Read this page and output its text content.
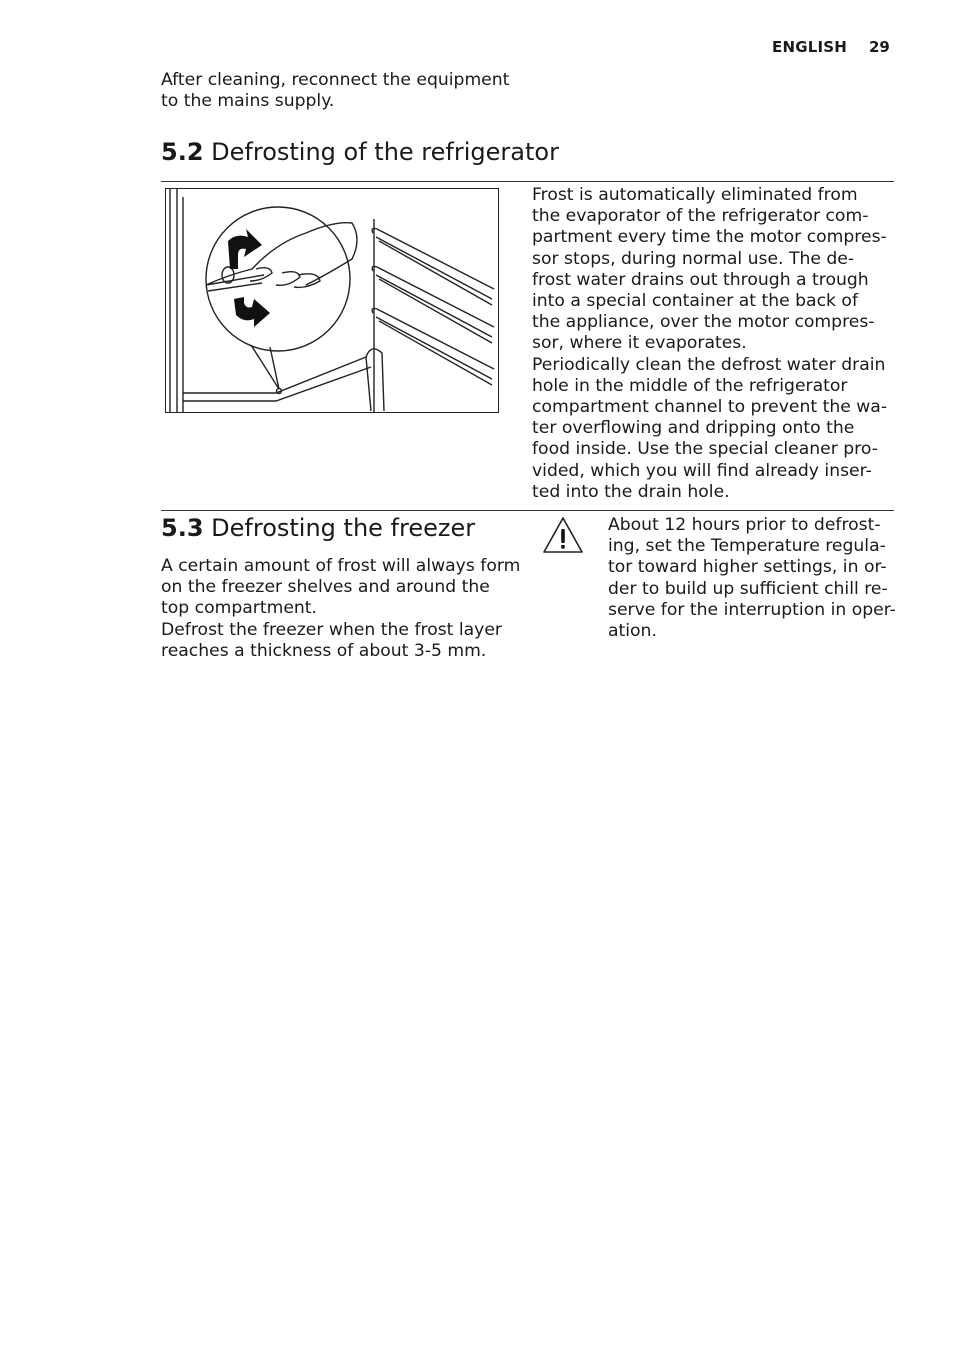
ENGLISH 29

After cleaning, reconnect the equipment
to the mains supply.

5.2 Defrosting of the refrigerator

Frost is automatically eliminated from
the evaporator of the refrigerator com-
partment every time the motor compres-
sor stops, during normal use. The de-
frost water drains out through a trough
into a special container at the back of
the appliance, over the motor compres-
sor, where it evaporates.
Periodically clean the defrost water drain
hole in the middle of the refrigerator
compartment channel to prevent the wa-
ter overflowing and dripping onto the
food inside. Use the special cleaner pro-
vided, which you will find already inser-
ted into the drain hole.

5.3 Defrosting the freezer

A certain amount of frost will always form
on the freezer shelves and around the
top compartment.
Defrost the freezer when the frost layer
reaches a thickness of about 3-5 mm.

About 12 hours prior to defrost-
ing, set the Temperature regula-
tor toward higher settings, in or-
der to build up sufficient chill re-
serve for the interruption in oper-
ation.
